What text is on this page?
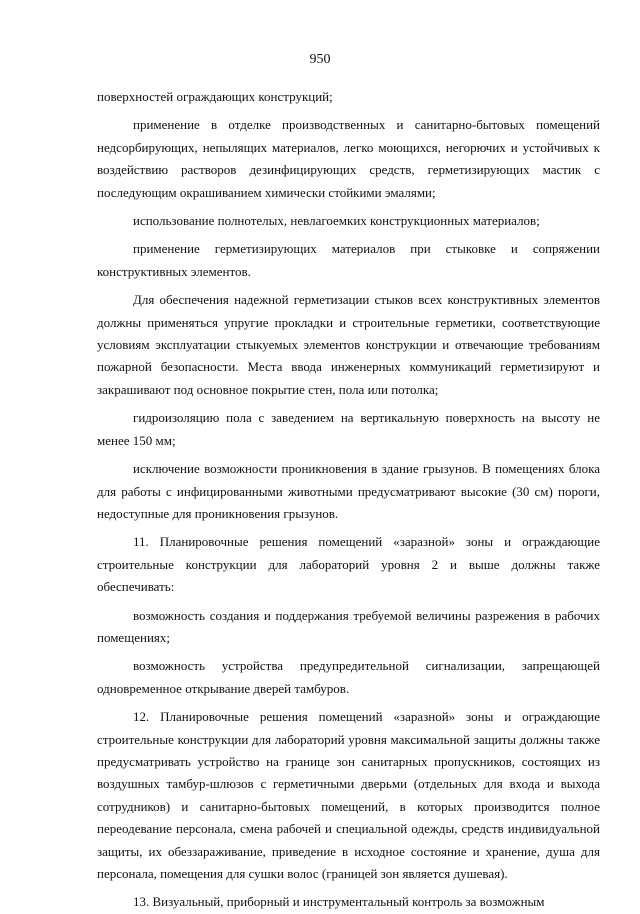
950

поверхностей ограждающих конструкций;

применение в отделке производственных и санитарно-бытовых помещений недсорбирующих, непылящих материалов, легко моющихся, негорючих и устойчивых к воздействию растворов дезинфицирующих средств, герметизирующих мастик с последующим окрашиванием химически стойкими эмалями;

использование полнотелых, невлагоемких конструкционных материалов;

применение герметизирующих материалов при стыковке и сопряжении конструктивных элементов.

Для обеспечения надежной герметизации стыков всех конструктивных элементов должны применяться упругие прокладки и строительные герметики, соответствующие условиям эксплуатации стыкуемых элементов конструкции и отвечающие требованиям пожарной безопасности. Места ввода инженерных коммуникаций герметизируют и закрашивают под основное покрытие стен, пола или потолка;

гидроизоляцию пола с заведением на вертикальную поверхность на высоту не менее 150 мм;

исключение возможности проникновения в здание грызунов. В помещениях блока для работы с инфицированными животными предусматривают высокие (30 см) пороги, недоступные для проникновения грызунов.

11. Планировочные решения помещений «заразной» зоны и ограждающие строительные конструкции для лабораторий уровня 2 и выше должны также обеспечивать:

возможность создания и поддержания требуемой величины разрежения в рабочих помещениях;

возможность устройства предупредительной сигнализации, запрещающей одновременное открывание дверей тамбуров.

12. Планировочные решения помещений «заразной» зоны и ограждающие строительные конструкции для лабораторий уровня максимальной защиты должны также предусматривать устройство на границе зон санитарных пропускников, состоящих из воздушных тамбур-шлюзов с герметичными дверьми (отдельных для входа и выхода сотрудников) и санитарно-бытовых помещений, в которых производится полное переодевание персонала, смена рабочей и специальной одежды, средств индивидуальной защиты, их обеззараживание, приведение в исходное состояние и хранение, душа для персонала, помещения для сушки волос (границей зон является душевая).

13. Визуальный, приборный и инструментальный контроль за возможным
